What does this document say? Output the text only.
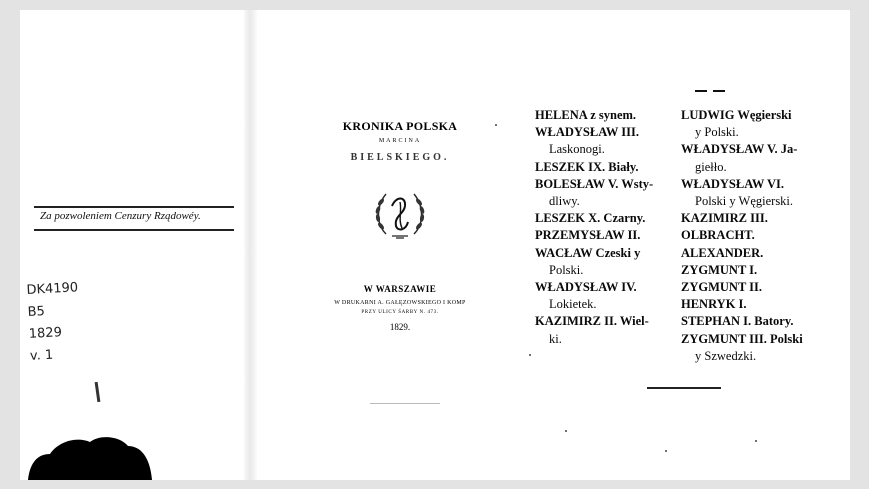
Za pozwoleniem Cenzury Rządowéy.
DK4190
B5
1829
v. 1
KRONIKA POLSKA
MARCINA
BIELSKIEGO.
W WARSZAWIE
W DRUKARNI A. GAŁĘZOWSKIEGO I KOMP
PRZY ULICY ŚARBY N. 473.
1829.
HELENA z synem.
WŁADYSŁAW III.
Laskonogi.
LESZEK IX. Biały.
BOLESŁAW V. Wsty-
dliwy.
LESZEK X. Czarny.
PRZEMYSŁAW II.
WACŁAW Czeski y
Polski.
WŁADYSŁAW IV.
Lokietek.
KAZIMIRZ II. Wiel-
ki.
LUDWIG Węgierski
y Polski.
WŁADYSŁAW V. Ja-
giełło.
WŁADYSŁAW VI.
Polski y Węgierski.
KAZIMIRZ III.
OLBRACHT.
ALEXANDER.
ZYGMUNT I.
ZYGMUNT II.
HENRYK I.
STEPHAN I. Batory.
ZYGMUNT III. Polski
y Szwedzki.
